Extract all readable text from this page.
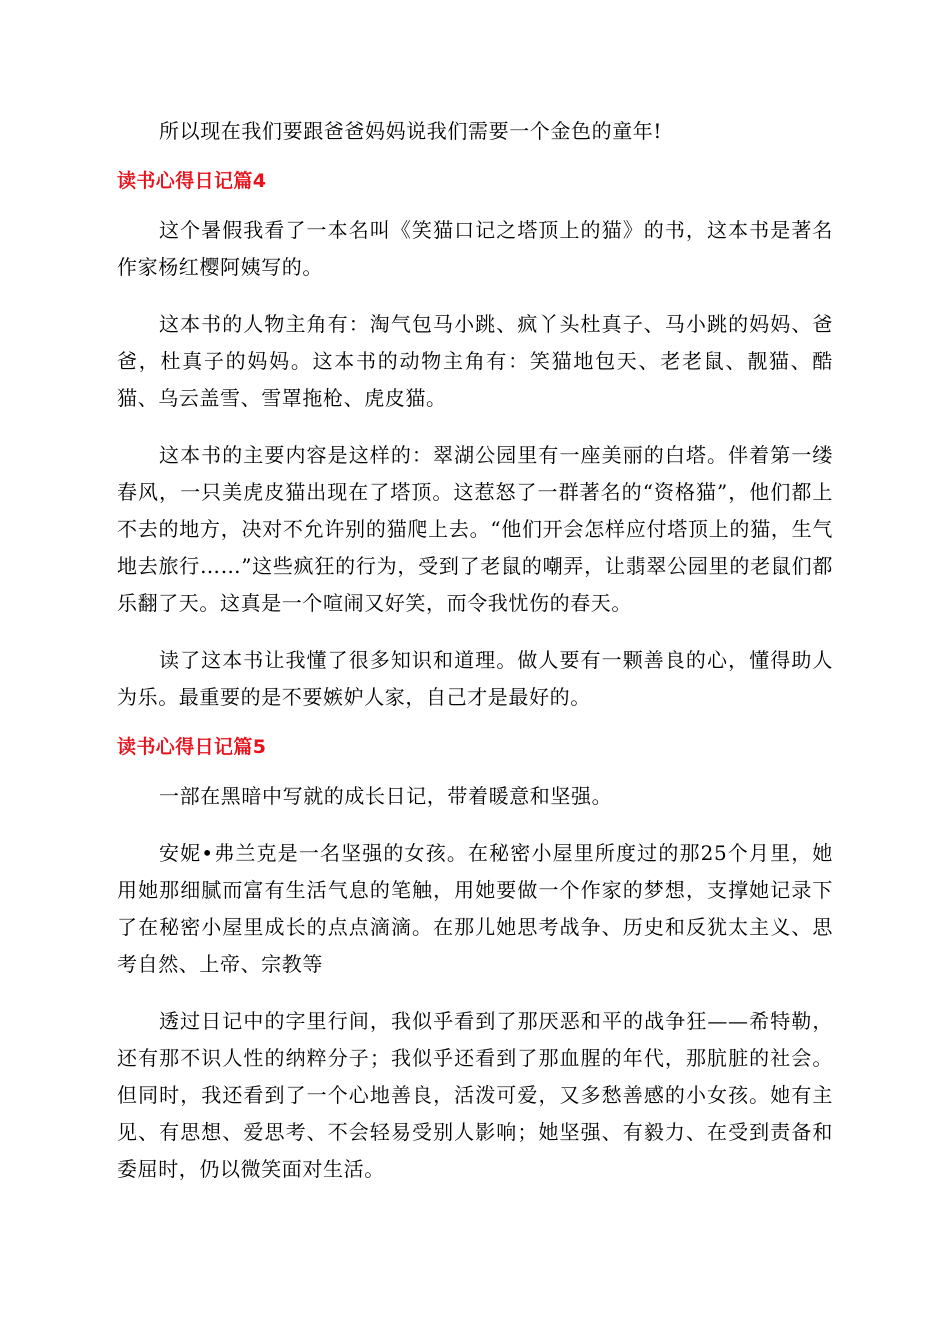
所以现在我们要跟爸爸妈妈说我们需要一个金色的童年!

读书心得日记篇4

这个暑假我看了一本名叫《笑猫口记之塔顶上的猫》的书，这本书是著名作家杨红樱阿姨写的。

这本书的人物主角有：淘气包马小跳、疯丫头杜真子、马小跳的妈妈、爸爸，杜真子的妈妈。这本书的动物主角有：笑猫地包天、老老鼠、靓猫、酷猫、乌云盖雪、雪罩拖枪、虎皮猫。

这本书的主要内容是这样的：翠湖公园里有一座美丽的白塔。伴着第一缕春风，一只美虎皮猫出现在了塔顶。这惹怒了一群著名的“资格猫”，他们都上不去的地方，决对不允许别的猫爬上去。“他们开会怎样应付塔顶上的猫，生气地去旅行……”这些疯狂的行为，受到了老鼠的嘲弄，让翡翠公园里的老鼠们都乐翻了天。这真是一个喧闹又好笑，而令我忧伤的春天。

读了这本书让我懂了很多知识和道理。做人要有一颗善良的心，懂得助人为乐。最重要的是不要嫉妒人家，自己才是最好的。

读书心得日记篇5

一部在黑暗中写就的成长日记，带着暖意和坚强。

安妮•弗兰克是一名坚强的女孩。在秘密小屋里所度过的那25个月里，她用她那细腻而富有生活气息的笔触，用她要做一个作家的梦想，支撑她记录下了在秘密小屋里成长的点点滴滴。在那儿她思考战争、历史和反犹太主义、思考自然、上帝、宗教等

透过日记中的字里行间，我似乎看到了那厌恶和平的战争狂——希特勒，还有那不识人性的纳粹分子；我似乎还看到了那血腥的年代，那肮脏的社会。但同时，我还看到了一个心地善良，活泼可爱，又多愁善感的小女孩。她有主见、有思想、爱思考、不会轻易受别人影响；她坚强、有毅力、在受到责备和委屈时，仍以微笑面对生活。
